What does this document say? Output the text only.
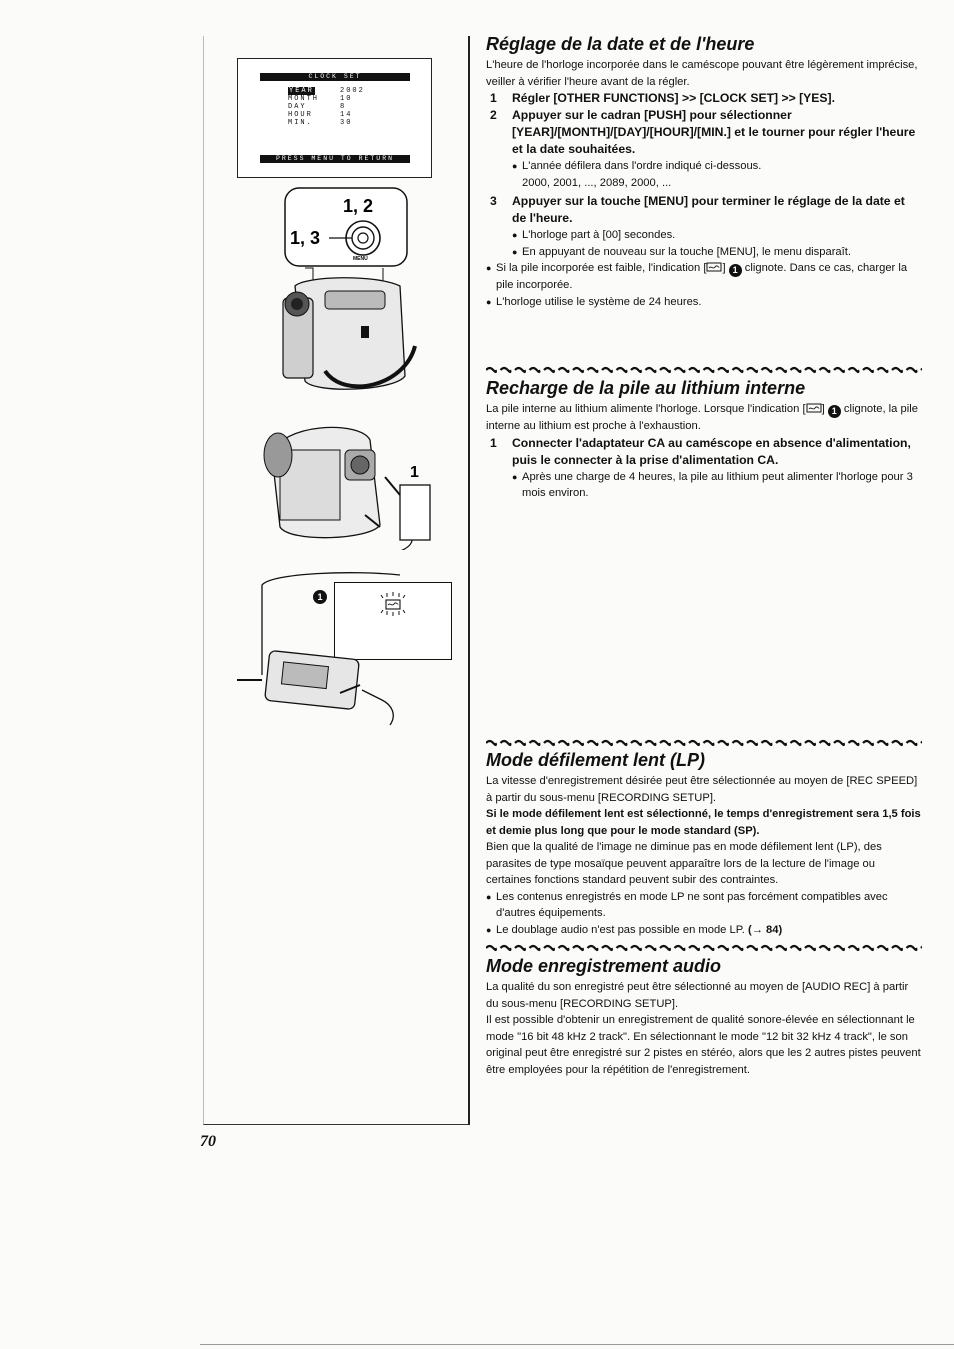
CLOCK SET
YEAR	2002
MONTH	10
DAY	8
HOUR	14
MIN.	30
PRESS MENU TO RETURN
1, 2
1, 3
MENU
1
1
Réglage de la date et de l'heure

L'heure de l'horloge incorporée dans le caméscope pouvant être légèrement imprécise, veiller à vérifier l'heure avant de la régler.

1	Régler [OTHER FUNCTIONS] >> [CLOCK SET] >> [YES].
2	Appuyer sur le cadran [PUSH] pour sélectionner [YEAR]/[MONTH]/[DAY]/[HOUR]/[MIN.] et le tourner pour régler l'heure et la date souhaitées.
● L'année défilera dans l'ordre indiqué ci-dessous.

2000, 2001, ..., 2089, 2000, ...

3	Appuyer sur la touche [MENU] pour terminer le réglage de la date et de l'heure.
● L'horloge part à [00] secondes.
● En appuyant de nouveau sur la touche [MENU], le menu disparaît.
● Si la pile incorporée est faible, l'indication [ ] 1 clignote. Dans ce cas, charger la pile incorporée.
● L'horloge utilise le système de 24 heures.
Recharge de la pile au lithium interne

La pile interne au lithium alimente l'horloge. Lorsque l'indication [ ] 1 clignote, la pile interne au lithium est proche à l'exhaustion.

1	Connecter l'adaptateur CA au caméscope en absence d'alimentation, puis le connecter à la prise d'alimentation CA.
● Après une charge de 4 heures, la pile au lithium peut alimenter l'horloge pour 3 mois environ.
Mode défilement lent (LP)

La vitesse d'enregistrement désirée peut être sélectionnée au moyen de [REC SPEED] à partir du sous-menu [RECORDING SETUP].

Si le mode défilement lent est sélectionné, le temps d'enregistrement sera 1,5 fois et demie plus long que pour le mode standard (SP).

Bien que la qualité de l'image ne diminue pas en mode défilement lent (LP), des parasites de type mosaïque peuvent apparaître lors de la lecture de l'image ou certaines fonctions standard peuvent subir des contraintes.

● Les contenus enregistrés en mode LP ne sont pas forcément compatibles avec d'autres équipements.
● Le doublage audio n'est pas possible en mode LP. (→ 84)
Mode enregistrement audio

La qualité du son enregistré peut être sélectionné au moyen de [AUDIO REC] à partir du sous-menu [RECORDING SETUP].

Il est possible d'obtenir un enregistrement de qualité sonore-élevée en sélectionnant le mode "16 bit 48 kHz 2 track". En sélectionnant le mode "12 bit 32 kHz 4 track", le son original peut être enregistré sur 2 pistes en stéréo, alors que les 2 autres pistes peuvent être employées pour la répétition de l'enregistrement.

70
